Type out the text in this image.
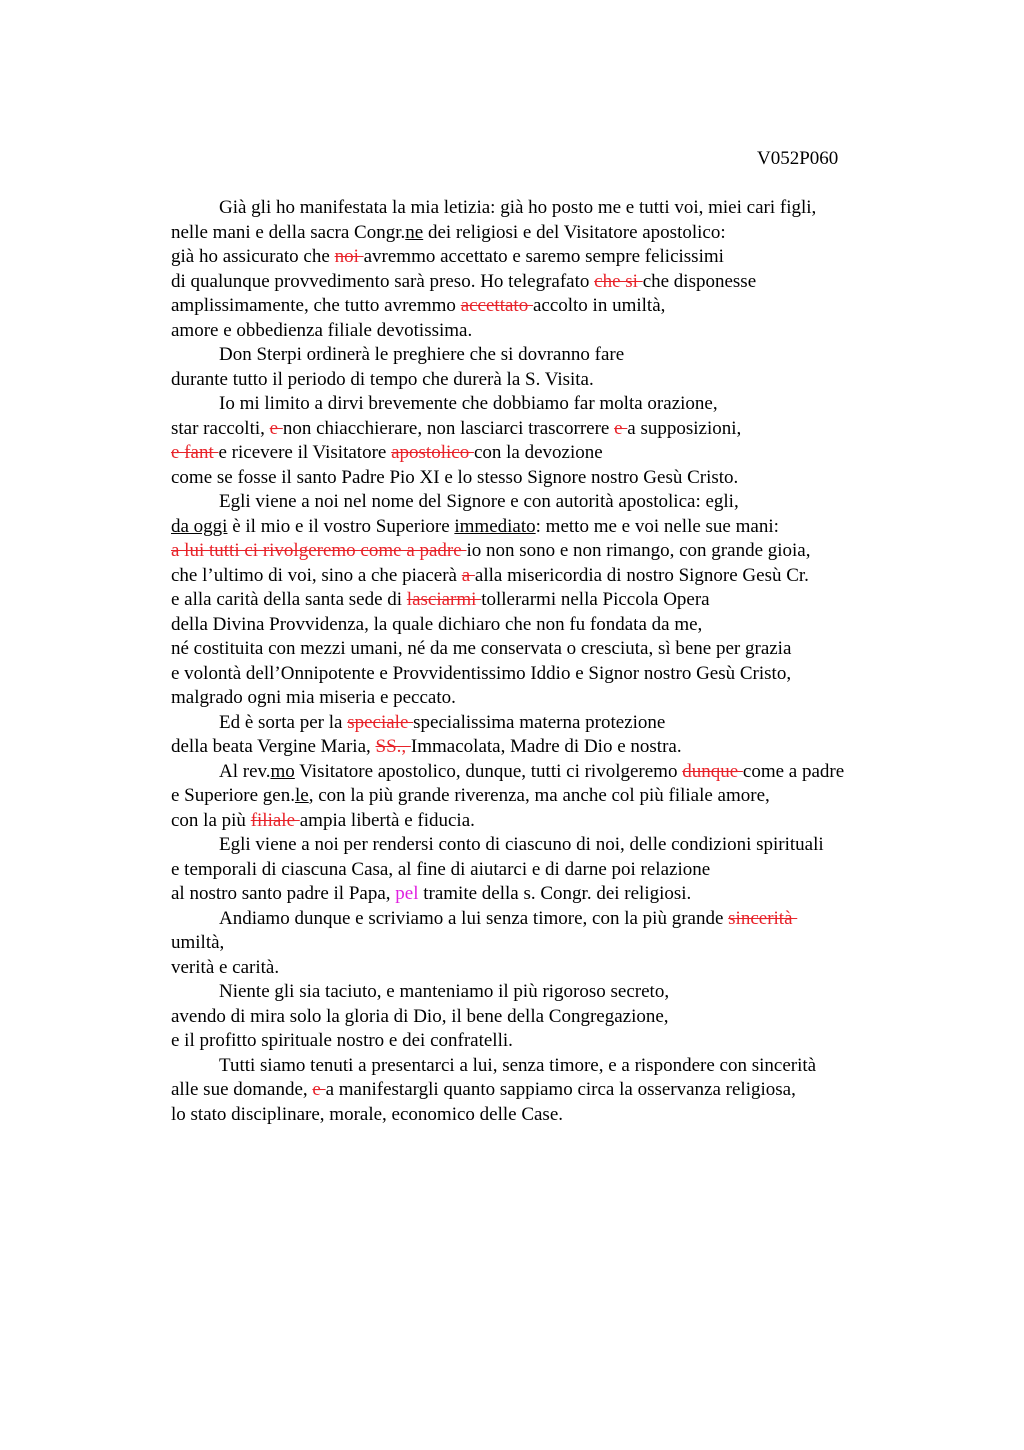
V052P060
Già gli ho manifestata la mia letizia: già ho posto me e tutti voi, miei cari figli,
nelle mani e della sacra Congr.ne dei religiosi e del Visitatore apostolico:
già ho assicurato che noi avremmo accettato e saremo sempre felicissimi
di qualunque provvedimento sarà preso. Ho telegrafato che si che disponesse
amplissimamente, che tutto avremmo accettato accolto in umiltà,
amore e obbedienza filiale devotissima.
Don Sterpi ordinerà le preghiere che si dovranno fare
durante tutto il periodo di tempo che durerà la S. Visita.
Io mi limito a dirvi brevemente che dobbiamo far molta orazione,
star raccolti, e non chiacchierare, non lasciarci trascorrere e a supposizioni,
e fant e ricevere il Visitatore apostolico con la devozione
come se fosse il santo Padre Pio XI e lo stesso Signore nostro Gesù Cristo.
Egli viene a noi nel nome del Signore e con autorità apostolica: egli,
da oggi è il mio e il vostro Superiore immediato: metto me e voi nelle sue mani:
a lui tutti ci rivolgeremo come a padre io non sono e non rimango, con grande gioia,
che l’ultimo di voi, sino a che piacerà a alla misericordia di nostro Signore Gesù Cr.
e alla carità della santa sede di lasciarmi tollerarmi nella Piccola Opera
della Divina Provvidenza, la quale dichiaro che non fu fondata da me,
né costituita con mezzi umani, né da me conservata o cresciuta, sì bene per grazia
e volontà dell’Onnipotente e Provvidentissimo Iddio e Signor nostro Gesù Cristo,
malgrado ogni mia miseria e peccato.
Ed è sorta per la speciale specialissima materna protezione
della beata Vergine Maria, SS., Immacolata, Madre di Dio e nostra.
Al rev.mo Visitatore apostolico, dunque, tutti ci rivolgeremo dunque come a padre
e Superiore gen.le, con la più grande riverenza, ma anche col più filiale amore,
con la più filiale ampia libertà e fiducia.
Egli viene a noi per rendersi conto di ciascuno di noi, delle condizioni spirituali
e temporali di ciascuna Casa, al fine di aiutarci e di darne poi relazione
al nostro santo padre il Papa, pel tramite della s. Congr. dei religiosi.
Andiamo dunque e scriviamo a lui senza timore, con la più grande sincerità
umiltà,
verità e carità.
Niente gli sia taciuto, e manteniamo il più rigoroso secreto,
avendo di mira solo la gloria di Dio, il bene della Congregazione,
e il profitto spirituale nostro e dei confratelli.
Tutti siamo tenuti a presentarci a lui, senza timore, e a rispondere con sincerità
alle sue domande, e a manifestargli quanto sappiamo circa la osservanza religiosa,
lo stato disciplinare, morale, economico delle Case.
